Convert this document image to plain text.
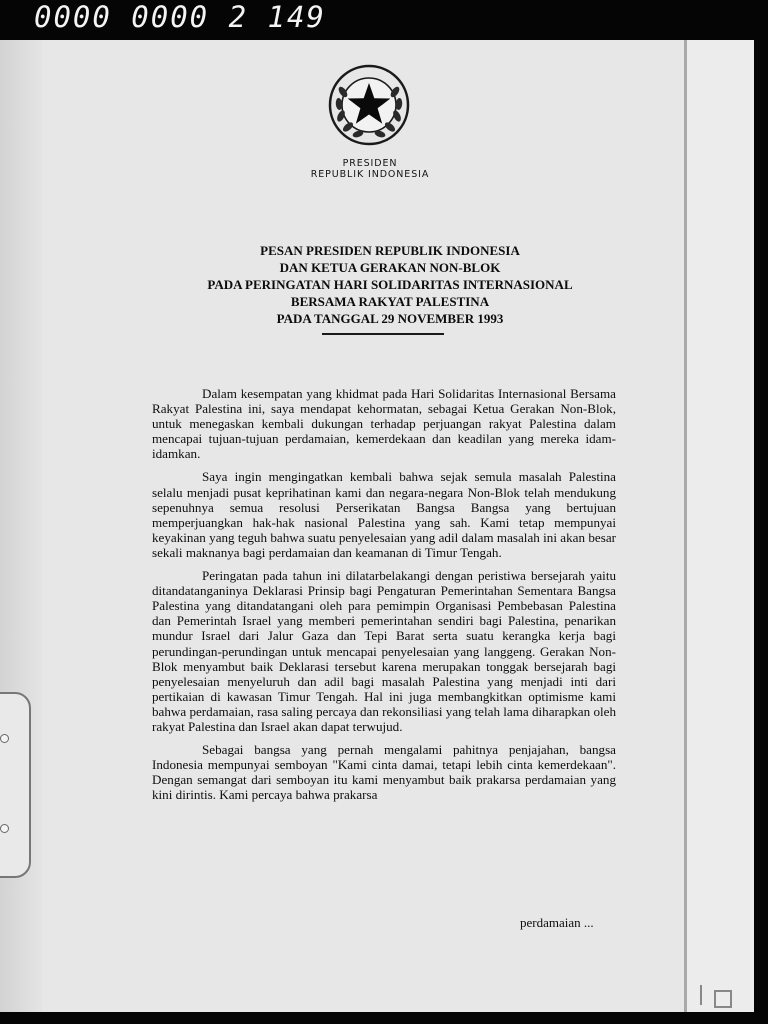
0000 0000 2 149
PRESIDEN
REPUBLIK INDONESIA
PESAN PRESIDEN REPUBLIK INDONESIA
DAN KETUA GERAKAN NON-BLOK
PADA PERINGATAN HARI SOLIDARITAS INTERNASIONAL
BERSAMA RAKYAT PALESTINA
PADA TANGGAL 29 NOVEMBER 1993

Dalam kesempatan yang khidmat pada Hari Solidaritas Internasional Bersama Rakyat Palestina ini, saya mendapat kehormatan, sebagai Ketua Gerakan Non-Blok, untuk menegaskan kembali dukungan terhadap perjuangan rakyat Palestina dalam mencapai tujuan-tujuan perdamaian, kemerdekaan dan keadilan yang mereka idam-idamkan.

Saya ingin mengingatkan kembali bahwa sejak semula masalah Palestina selalu menjadi pusat keprihatinan kami dan negara-negara Non-Blok telah mendukung sepenuhnya semua resolusi Perserikatan Bangsa Bangsa yang bertujuan memperjuangkan hak-hak nasional Palestina yang sah. Kami tetap mempunyai keyakinan yang teguh bahwa suatu penyelesaian yang adil dalam masalah ini akan besar sekali maknanya bagi perdamaian dan keamanan di Timur Tengah.

Peringatan pada tahun ini dilatarbelakangi dengan peristiwa bersejarah yaitu ditandatanganinya Deklarasi Prinsip bagi Pengaturan Pemerintahan Sementara Bangsa Palestina yang ditandatangani oleh para pemimpin Organisasi Pembebasan Palestina dan Pemerintah Israel yang memberi pemerintahan sendiri bagi Palestina, penarikan mundur Israel dari Jalur Gaza dan Tepi Barat serta suatu kerangka kerja bagi perundingan-perundingan untuk mencapai penyelesaian yang langgeng. Gerakan Non-Blok menyambut baik Deklarasi tersebut karena merupakan tonggak bersejarah bagi penyelesaian menyeluruh dan adil bagi masalah Palestina yang menjadi inti dari pertikaian di kawasan Timur Tengah. Hal ini juga membangkitkan optimisme kami bahwa perdamaian, rasa saling percaya dan rekonsiliasi yang telah lama diharapkan oleh rakyat Palestina dan Israel akan dapat terwujud.

Sebagai bangsa yang pernah mengalami pahitnya penjajahan, bangsa Indonesia mempunyai semboyan "Kami cinta damai, tetapi lebih cinta kemerdekaan". Dengan semangat dari semboyan itu kami menyambut baik prakarsa perdamaian yang kini dirintis. Kami percaya bahwa prakarsa

perdamaian ...
